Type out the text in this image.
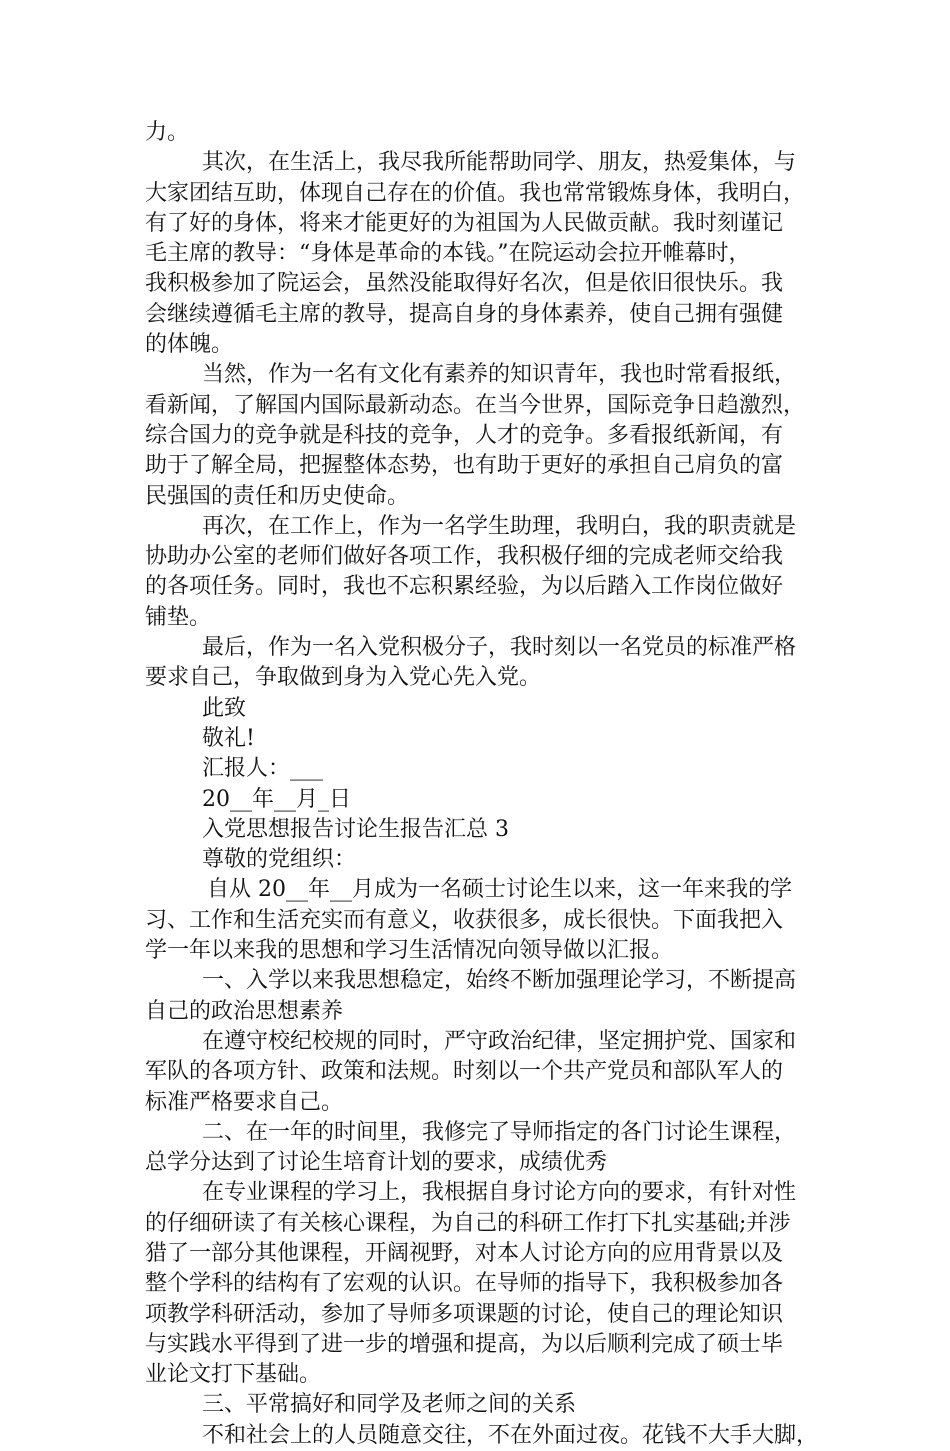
力。
其次，在生活上，我尽我所能帮助同学、朋友，热爱集体，与
大家团结互助，体现自己存在的价值。我也常常锻炼身体，我明白，
有了好的身体，将来才能更好的为祖国为人民做贡献。我时刻谨记
毛主席的教导：“身体是革命的本钱。”在院运动会拉开帷幕时，
我积极参加了院运会，虽然没能取得好名次，但是依旧很快乐。我
会继续遵循毛主席的教导，提高自身的身体素养，使自己拥有强健
的体魄。
当然，作为一名有文化有素养的知识青年，我也时常看报纸，
看新闻，了解国内国际最新动态。在当今世界，国际竞争日趋激烈，
综合国力的竞争就是科技的竞争，人才的竞争。多看报纸新闻，有
助于了解全局，把握整体态势，也有助于更好的承担自己肩负的富
民强国的责任和历史使命。
再次，在工作上，作为一名学生助理，我明白，我的职责就是
协助办公室的老师们做好各项工作，我积极仔细的完成老师交给我
的各项任务。同时，我也不忘积累经验，为以后踏入工作岗位做好
铺垫。
最后，作为一名入党积极分子，我时刻以一名党员的标准严格
要求自己，争取做到身为入党心先入党。
此致
敬礼!
汇报人：___
20__年__月_日
入党思想报告讨论生报告汇总 3
尊敬的党组织：
自从 20__年__月成为一名硕士讨论生以来，这一年来我的学
习、工作和生活充实而有意义，收获很多，成长很快。下面我把入
学一年以来我的思想和学习生活情况向领导做以汇报。
一、入学以来我思想稳定，始终不断加强理论学习，不断提高
自己的政治思想素养
在遵守校纪校规的同时，严守政治纪律，坚定拥护党、国家和
军队的各项方针、政策和法规。时刻以一个共产党员和部队军人的
标准严格要求自己。
二、在一年的时间里，我修完了导师指定的各门讨论生课程，
总学分达到了讨论生培育计划的要求，成绩优秀
在专业课程的学习上，我根据自身讨论方向的要求，有针对性
的仔细研读了有关核心课程，为自己的科研工作打下扎实基础;并涉
猎了一部分其他课程，开阔视野，对本人讨论方向的应用背景以及
整个学科的结构有了宏观的认识。在导师的指导下，我积极参加各
项教学科研活动，参加了导师多项课题的讨论，使自己的理论知识
与实践水平得到了进一步的增强和提高，为以后顺利完成了硕士毕
业论文打下基础。
三、平常搞好和同学及老师之间的关系
不和社会上的人员随意交往，不在外面过夜。花钱不大手大脚，
